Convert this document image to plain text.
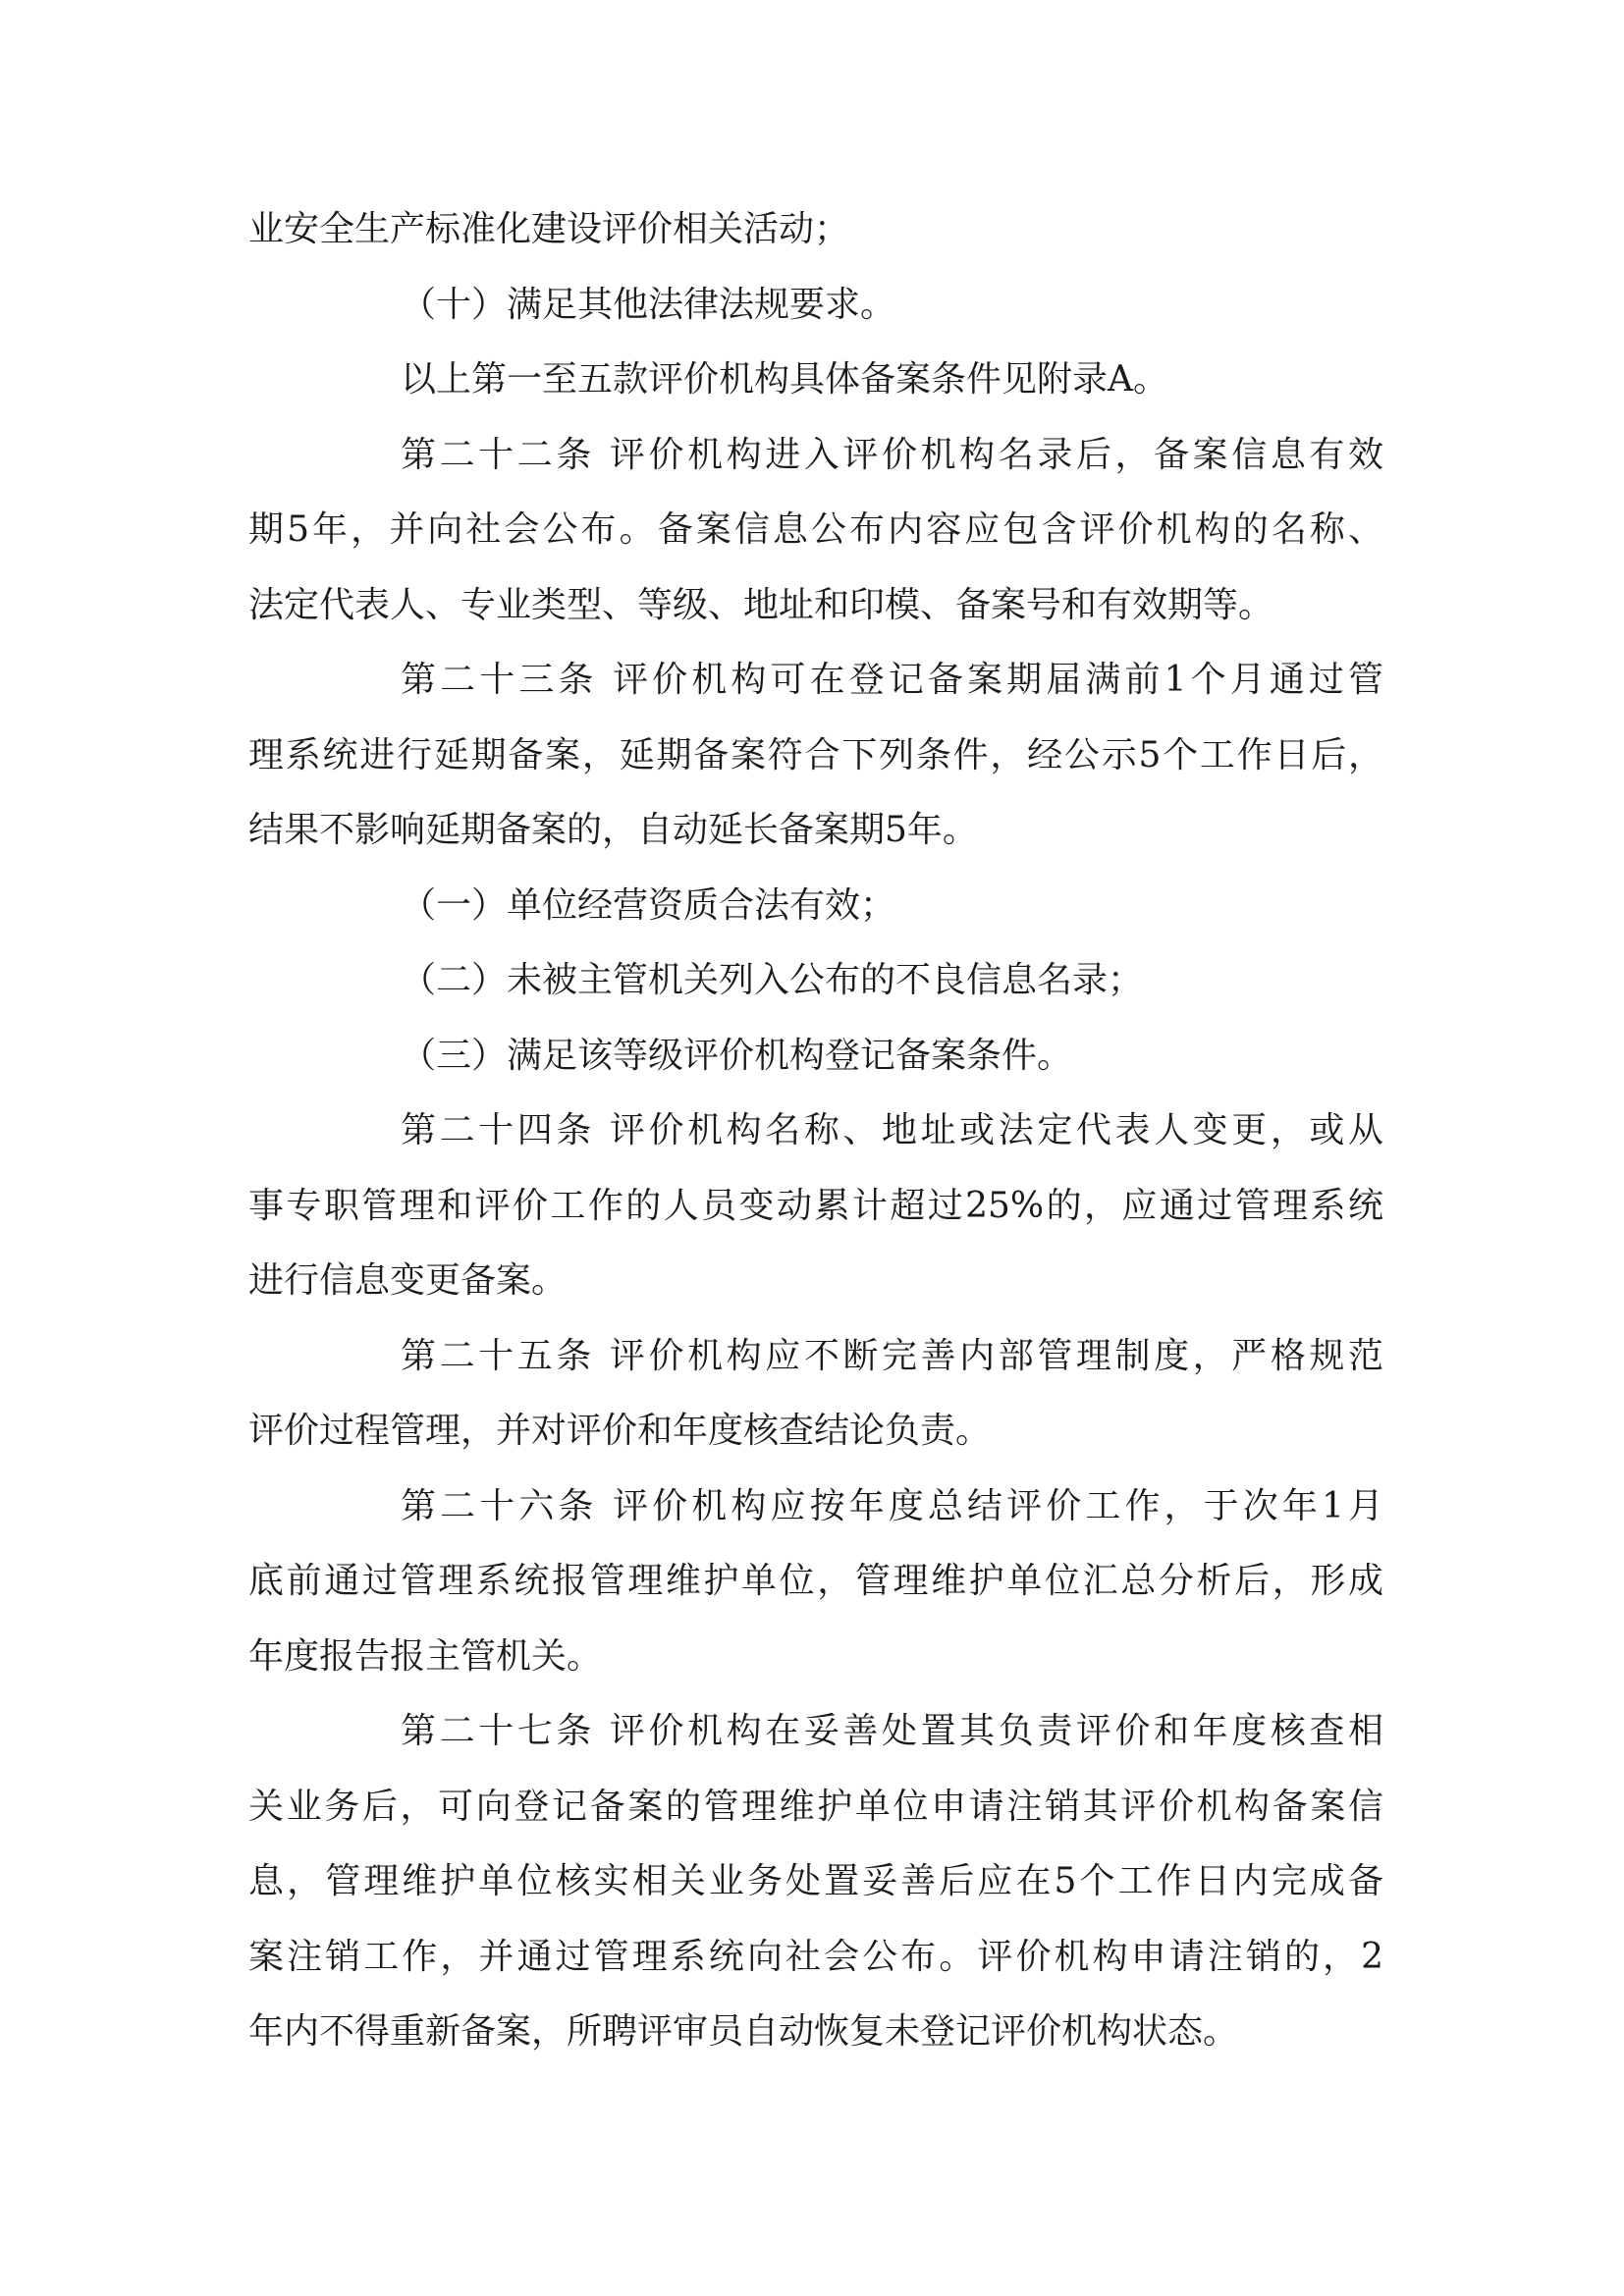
业安全生产标准化建设评价相关活动；
（十）满足其他法律法规要求。
以上第一至五款评价机构具体备案条件见附录A。
第二十二条 评价机构进入评价机构名录后，备案信息有效
期5年，并向社会公布。备案信息公布内容应包含评价机构的名称、
法定代表人、专业类型、等级、地址和印模、备案号和有效期等。
第二十三条 评价机构可在登记备案期届满前1个月通过管
理系统进行延期备案，延期备案符合下列条件，经公示5个工作日后，
结果不影响延期备案的，自动延长备案期5年。
（一）单位经营资质合法有效；
（二）未被主管机关列入公布的不良信息名录；
（三）满足该等级评价机构登记备案条件。
第二十四条 评价机构名称、地址或法定代表人变更，或从
事专职管理和评价工作的人员变动累计超过25%的，应通过管理系统
进行信息变更备案。
第二十五条 评价机构应不断完善内部管理制度，严格规范
评价过程管理，并对评价和年度核查结论负责。
第二十六条 评价机构应按年度总结评价工作，于次年1月
底前通过管理系统报管理维护单位，管理维护单位汇总分析后，形成
年度报告报主管机关。
第二十七条 评价机构在妥善处置其负责评价和年度核查相
关业务后，可向登记备案的管理维护单位申请注销其评价机构备案信
息，管理维护单位核实相关业务处置妥善后应在5个工作日内完成备
案注销工作，并通过管理系统向社会公布。评价机构申请注销的，2
年内不得重新备案，所聘评审员自动恢复未登记评价机构状态。
